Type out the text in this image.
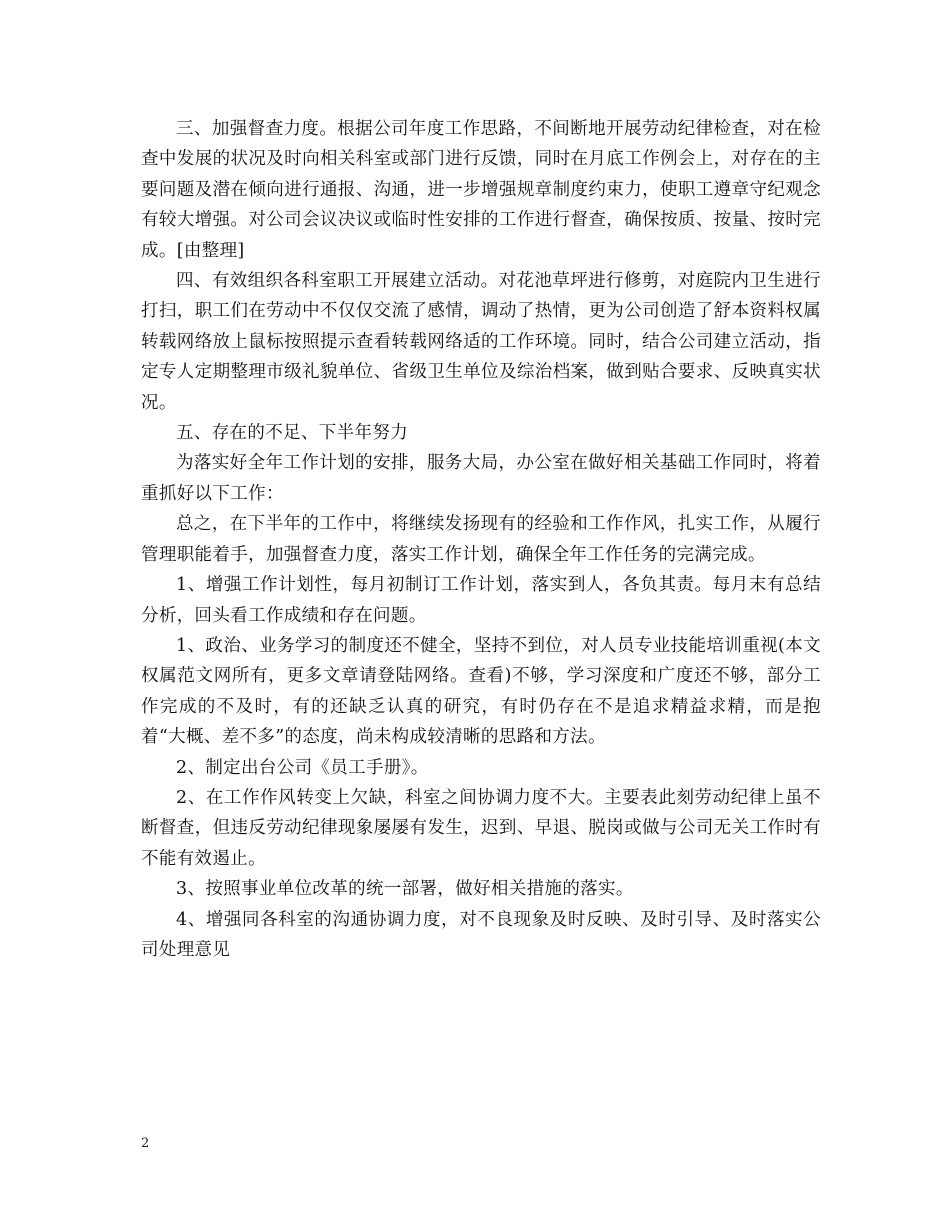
三、加强督查力度。根据公司年度工作思路，不间断地开展劳动纪律检查，对在检查中发展的状况及时向相关科室或部门进行反馈，同时在月底工作例会上，对存在的主要问题及潜在倾向进行通报、沟通，进一步增强规章制度约束力，使职工遵章守纪观念有较大增强。对公司会议决议或临时性安排的工作进行督查，确保按质、按量、按时完成。[由整理]

四、有效组织各科室职工开展建立活动。对花池草坪进行修剪，对庭院内卫生进行打扫，职工们在劳动中不仅仅交流了感情，调动了热情，更为公司创造了舒本资料权属转载网络放上鼠标按照提示查看转载网络适的工作环境。同时，结合公司建立活动，指定专人定期整理市级礼貌单位、省级卫生单位及综治档案，做到贴合要求、反映真实状况。

五、存在的不足、下半年努力

为落实好全年工作计划的安排，服务大局，办公室在做好相关基础工作同时，将着重抓好以下工作：

总之，在下半年的工作中，将继续发扬现有的经验和工作作风，扎实工作，从履行管理职能着手，加强督查力度，落实工作计划，确保全年工作任务的完满完成。

1、增强工作计划性，每月初制订工作计划，落实到人，各负其责。每月末有总结分析，回头看工作成绩和存在问题。

1、政治、业务学习的制度还不健全，坚持不到位，对人员专业技能培训重视(本文权属范文网所有，更多文章请登陆网络。查看)不够，学习深度和广度还不够，部分工作完成的不及时，有的还缺乏认真的研究，有时仍存在不是追求精益求精，而是抱着“大概、差不多”的态度，尚未构成较清晰的思路和方法。

2、制定出台公司《员工手册》。

2、在工作作风转变上欠缺，科室之间协调力度不大。主要表此刻劳动纪律上虽不断督查，但违反劳动纪律现象屡屡有发生，迟到、早退、脱岗或做与公司无关工作时有不能有效遏止。

3、按照事业单位改革的统一部署，做好相关措施的落实。

4、增强同各科室的沟通协调力度，对不良现象及时反映、及时引导、及时落实公司处理意见

2
